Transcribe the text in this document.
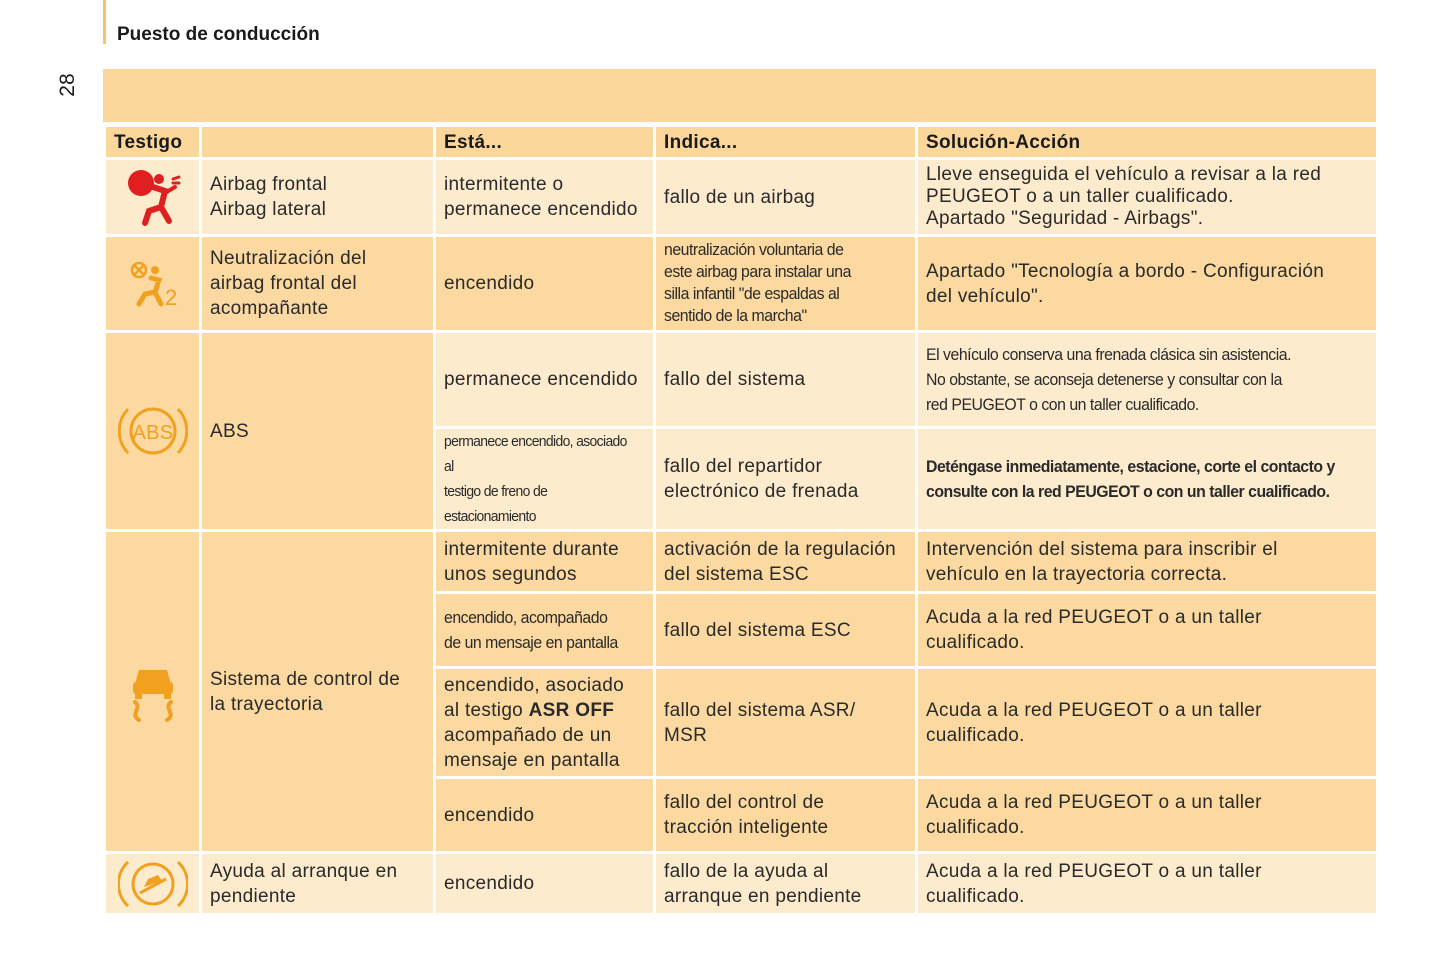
Puesto de conducción
28
Testigo		Está...	Indica...	Solución-Acción

	Airbag frontal
Airbag lateral	intermitente o
permanece encendido	fallo de un airbag	Lleve enseguida el vehículo a revisar a la red
PEUGEOT o a un taller cualificado.
Apartado "Seguridad - Airbags".

2	Neutralización del
airbag frontal del
acompañante	encendido	neutralización voluntaria de
este airbag para instalar una
silla infantil "de espaldas al
sentido de la marcha"	Apartado "Tecnología a bordo - Configuración
del vehículo".

ABS	ABS	permanece encendido	fallo del sistema	El vehículo conserva una frenada clásica sin asistencia.
No obstante, se aconseja detenerse y consultar con la
red PEUGEOT o con un taller cualificado.
		permanece encendido, asociado al
testigo de freno de estacionamiento	fallo del repartidor
electrónico de frenada	Deténgase inmediatamente, estacione, corte el contacto y
consulte con la red PEUGEOT o con un taller cualificado.

	Sistema de control de
la trayectoria	intermitente durante
unos segundos	activación de la regulación
del sistema ESC	Intervención del sistema para inscribir el
vehículo en la trayectoria correcta.
		encendido, acompañado
de un mensaje en pantalla	fallo del sistema ESC	Acuda a la red PEUGEOT o a un taller
cualificado.
		encendido, asociado
al testigo ASR OFF
acompañado de un
mensaje en pantalla	fallo del sistema ASR/
MSR	Acuda a la red PEUGEOT o a un taller
cualificado.
		encendido	fallo del control de
tracción inteligente	Acuda a la red PEUGEOT o a un taller
cualificado.

	Ayuda al arranque en
pendiente	encendido	fallo de la ayuda al
arranque en pendiente	Acuda a la red PEUGEOT o a un taller
cualificado.
